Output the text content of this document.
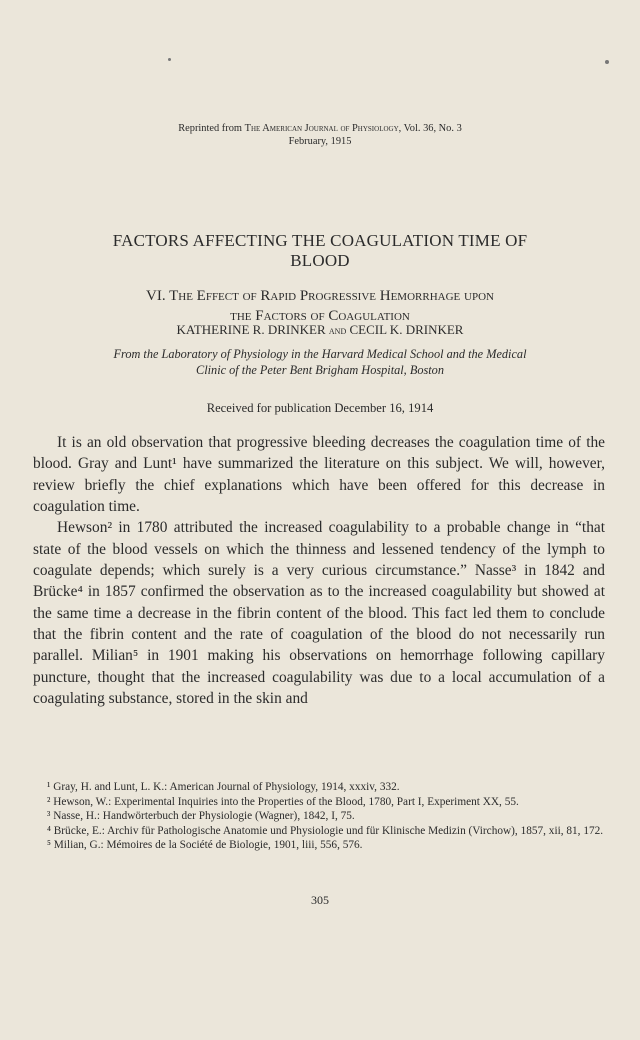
Reprinted from The American Journal of Physiology, Vol. 36, No. 3
February, 1915
FACTORS AFFECTING THE COAGULATION TIME OF
BLOOD
VI. The Effect of Rapid Progressive Hemorrhage upon
the Factors of Coagulation
KATHERINE R. DRINKER and CECIL K. DRINKER
From the Laboratory of Physiology in the Harvard Medical School and the Medical
Clinic of the Peter Bent Brigham Hospital, Boston
Received for publication December 16, 1914

It is an old observation that progressive bleeding decreases the coagulation time of the blood. Gray and Lunt¹ have summarized the literature on this subject. We will, however, review briefly the chief explanations which have been offered for this decrease in coagulation time.

Hewson² in 1780 attributed the increased coagulability to a probable change in “that state of the blood vessels on which the thinness and lessened tendency of the lymph to coagulate depends; which surely is a very curious circumstance.” Nasse³ in 1842 and Brücke⁴ in 1857 confirmed the observation as to the increased coagulability but showed at the same time a decrease in the fibrin content of the blood. This fact led them to conclude that the fibrin content and the rate of coagulation of the blood do not necessarily run parallel. Milian⁵ in 1901 making his observations on hemorrhage following capillary puncture, thought that the increased coagulability was due to a local accumulation of a coagulating substance, stored in the skin and

¹ Gray, H. and Lunt, L. K.: American Journal of Physiology, 1914, xxxiv, 332.
² Hewson, W.: Experimental Inquiries into the Properties of the Blood, 1780, Part I, Experiment XX, 55.
³ Nasse, H.: Handwörterbuch der Physiologie (Wagner), 1842, I, 75.
⁴ Brücke, E.: Archiv für Pathologische Anatomie und Physiologie und für Klinische Medizin (Virchow), 1857, xii, 81, 172.
⁵ Milian, G.: Mémoires de la Société de Biologie, 1901, liii, 556, 576.
305
